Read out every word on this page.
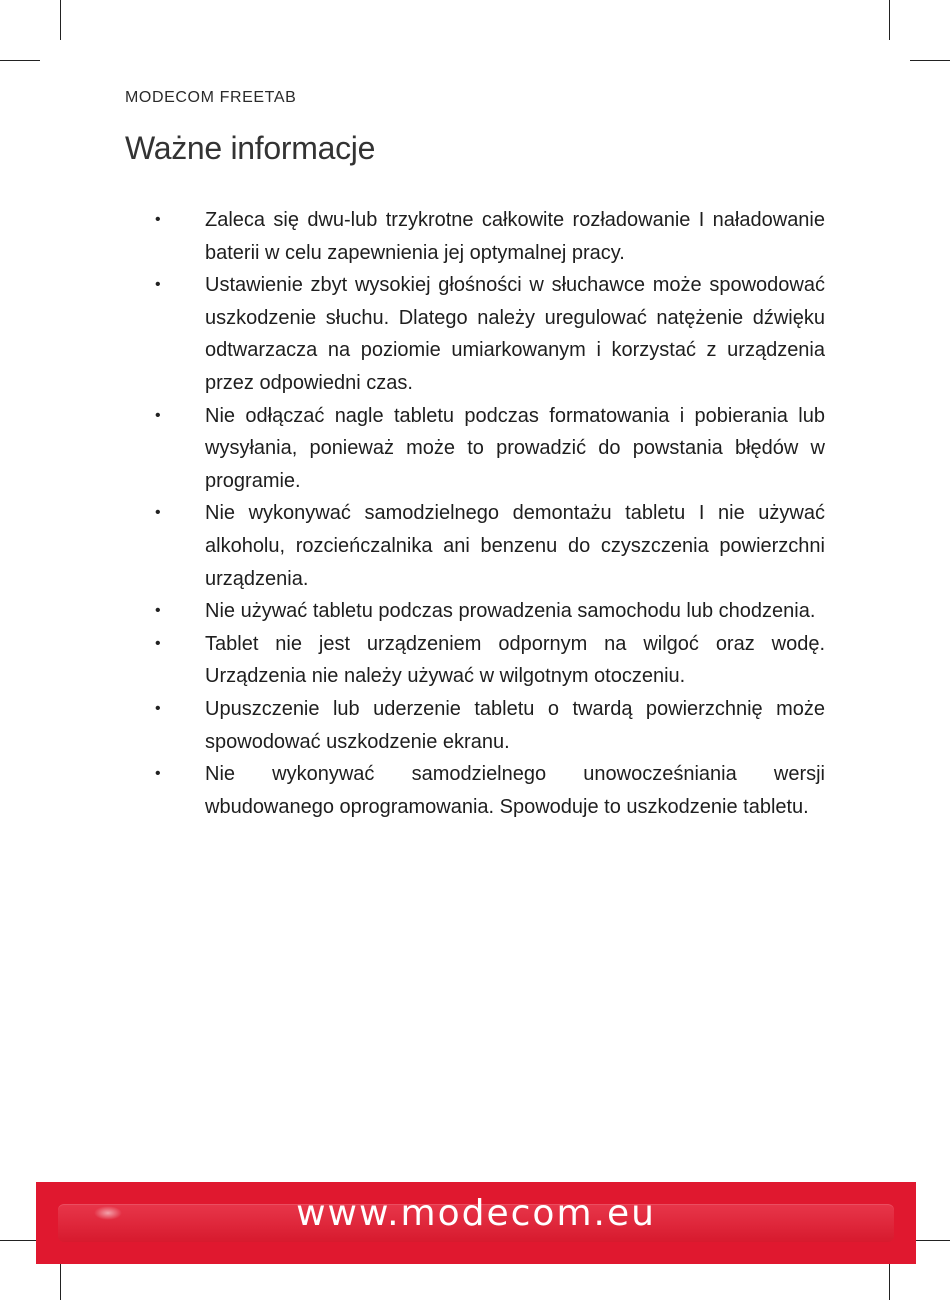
MODECOM FREETAB
Ważne informacje
• Zaleca się dwu-lub trzykrotne całkowite rozładowanie I naładowanie baterii w celu zapewnienia jej optymalnej pracy.
• Ustawienie zbyt wysokiej głośności w słuchawce może spowodować uszkodzenie słuchu. Dlatego należy uregulować natężenie dźwięku odtwarzacza na poziomie umiarkowanym i korzystać z urządzenia przez odpowiedni czas.
• Nie odłączać nagle tabletu podczas formatowania i pobierania lub wysyłania, ponieważ może to prowadzić do powstania błędów w programie.
• Nie wykonywać samodzielnego demontażu tabletu I nie używać alkoholu, rozcieńczalnika ani benzenu do czyszczenia powierzchni urządzenia.
• Nie używać tabletu podczas prowadzenia samochodu lub chodzenia.
• Tablet nie jest urządzeniem odpornym na wilgoć oraz wodę. Urządzenia nie należy używać w wilgotnym otoczeniu.
• Upuszczenie lub uderzenie tabletu o twardą powierzchnię może spowodować uszkodzenie ekranu.
• Nie wykonywać samodzielnego unowocześniania wersji wbudowanego oprogramowania. Spowoduje to uszkodzenie tabletu.
www.modecom.eu
